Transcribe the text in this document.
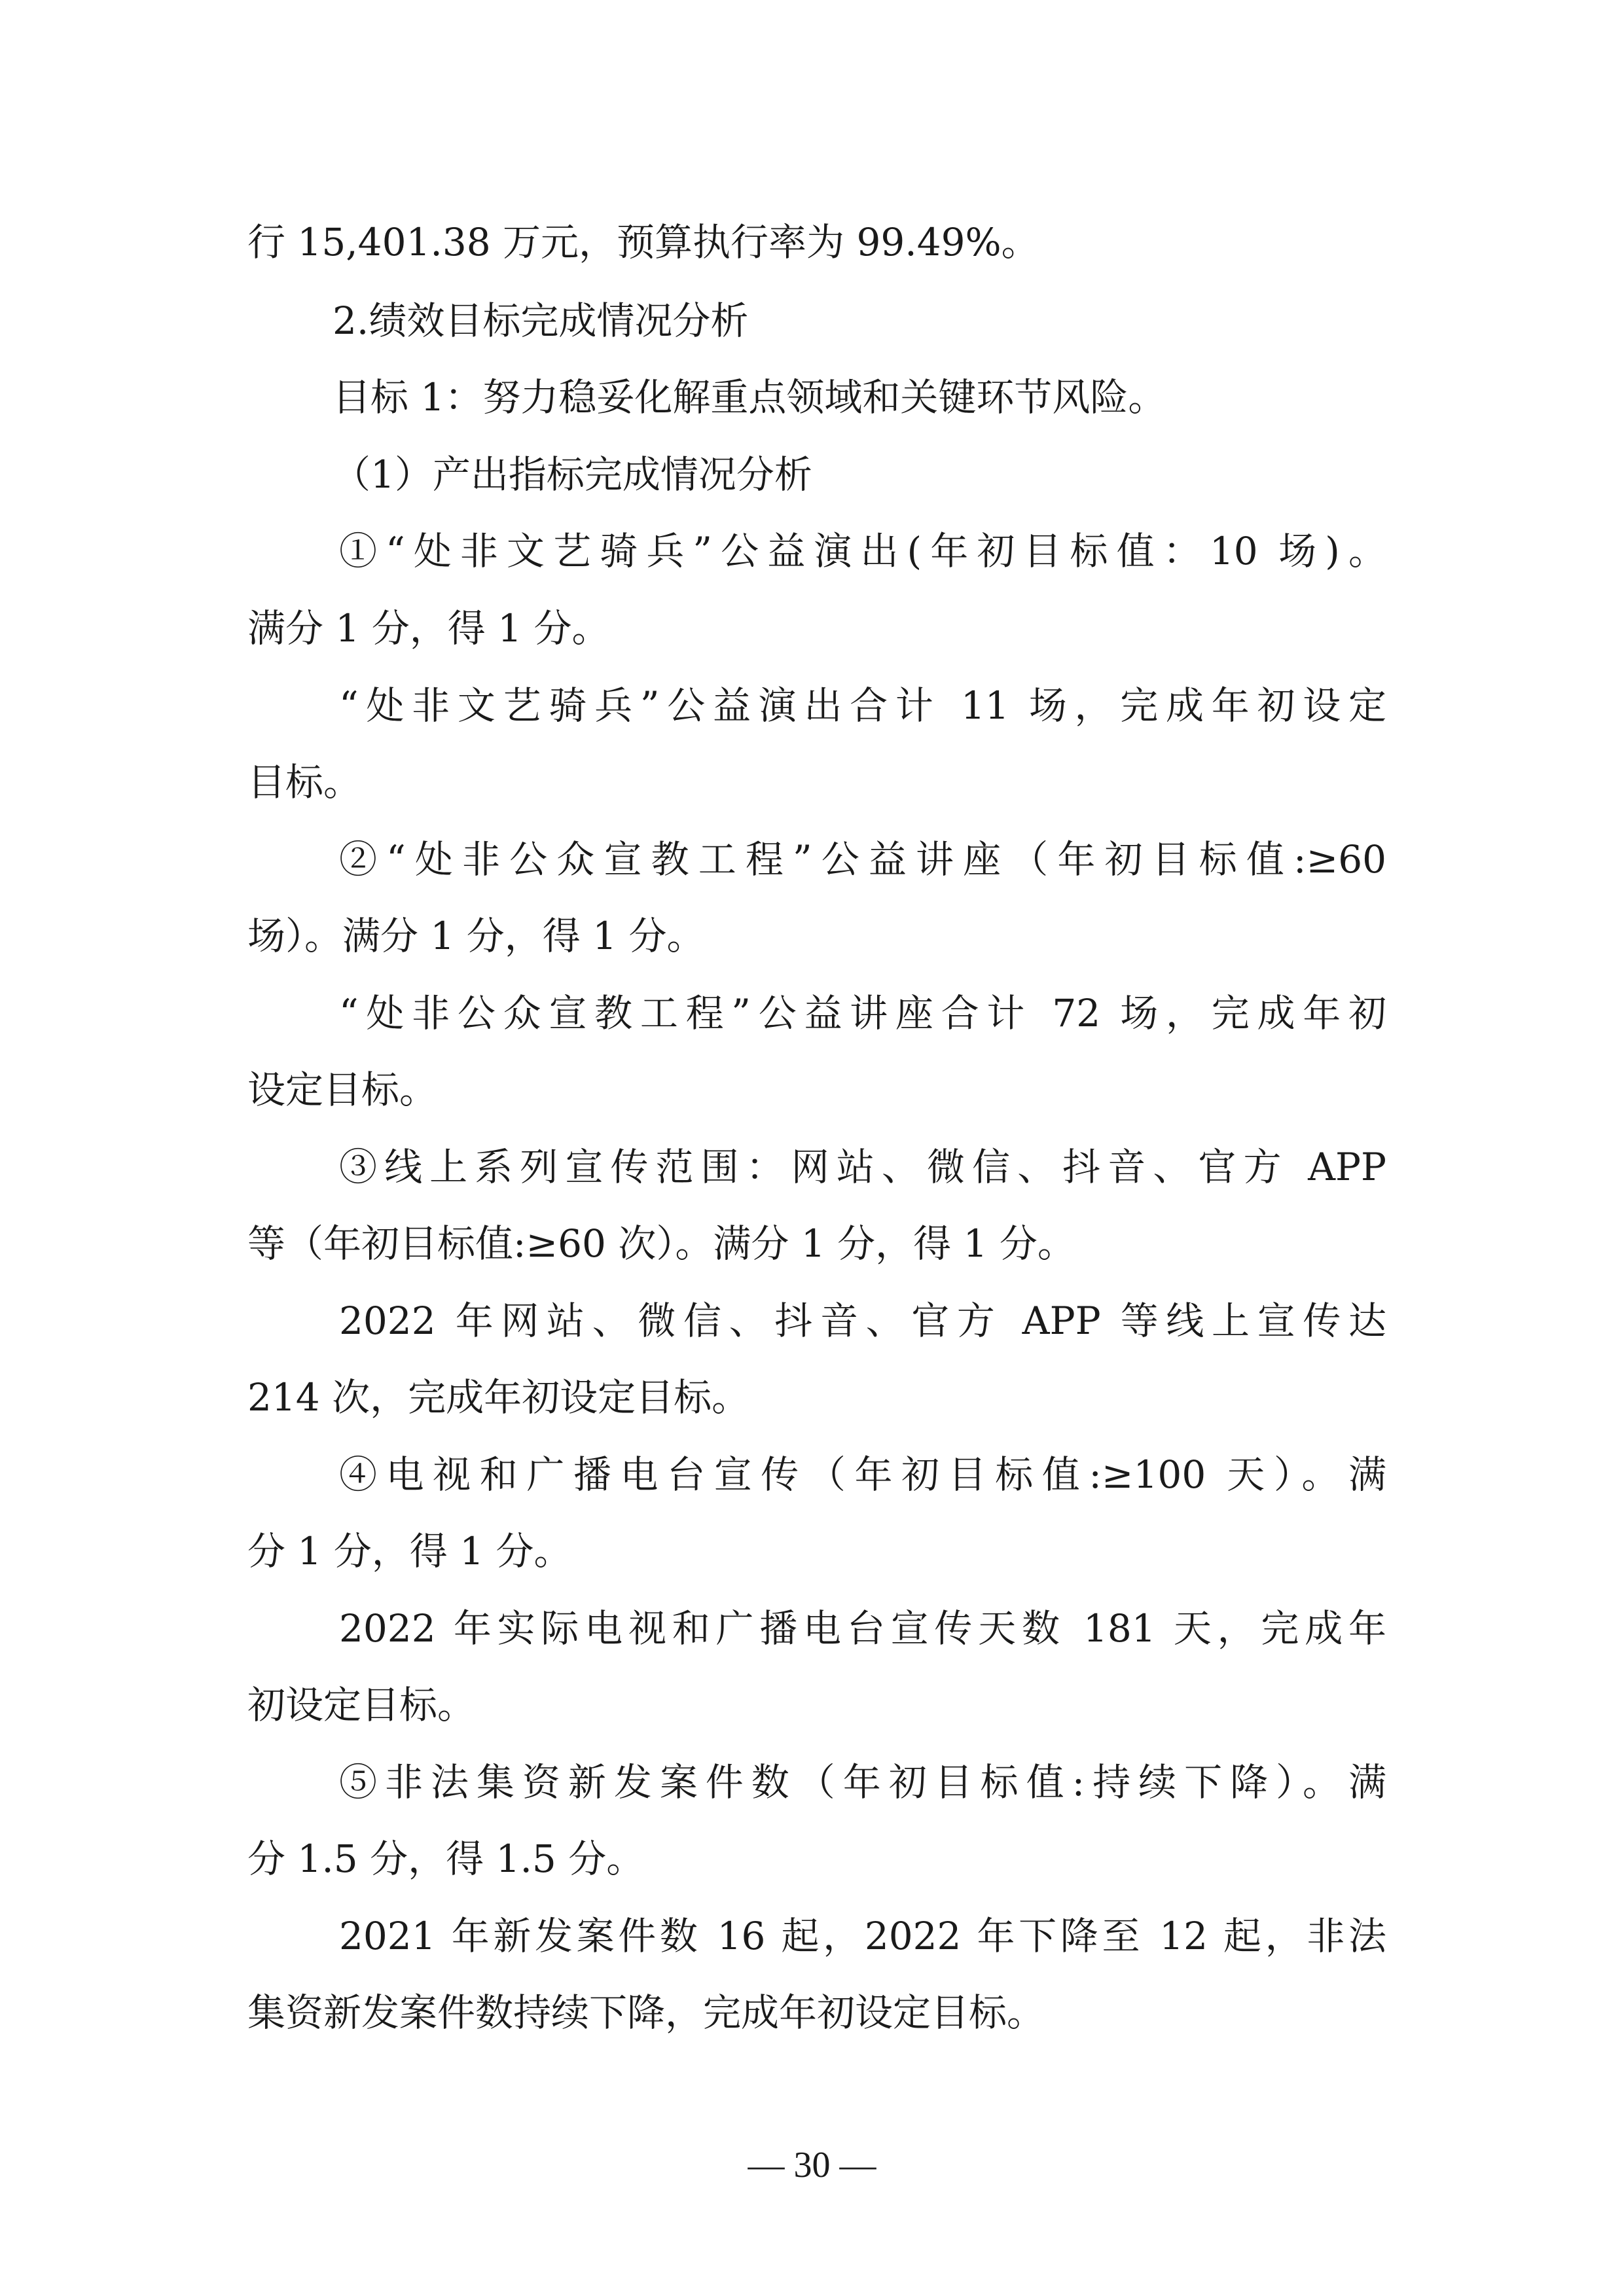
行 15,401.38 万元，预算执行率为 99.49%。
2.绩效目标完成情况分析
目标 1：努力稳妥化解重点领域和关键环节风险。
（1）产出指标完成情况分析
①“处非文艺骑兵”公益演出(年初目标值：10 场)。
满分 1 分，得 1 分。
“处非文艺骑兵”公益演出合计 11 场，完成年初设定
目标。
②“处非公众宣教工程”公益讲座（年初目标值:≥60
场）。满分 1 分，得 1 分。
“处非公众宣教工程”公益讲座合计 72 场，完成年初
设定目标。
③线上系列宣传范围：网站、微信、抖音、官方 APP
等（年初目标值:≥60 次）。满分 1 分，得 1 分。
2022 年网站、微信、抖音、官方 APP 等线上宣传达
214 次，完成年初设定目标。
④电视和广播电台宣传（年初目标值:≥100 天）。满
分 1 分，得 1 分。
2022 年实际电视和广播电台宣传天数 181 天，完成年
初设定目标。
⑤非法集资新发案件数（年初目标值:持续下降）。满
分 1.5 分，得 1.5 分。
2021 年新发案件数 16 起，2022 年下降至 12 起，非法
集资新发案件数持续下降，完成年初设定目标。
— 30 —
